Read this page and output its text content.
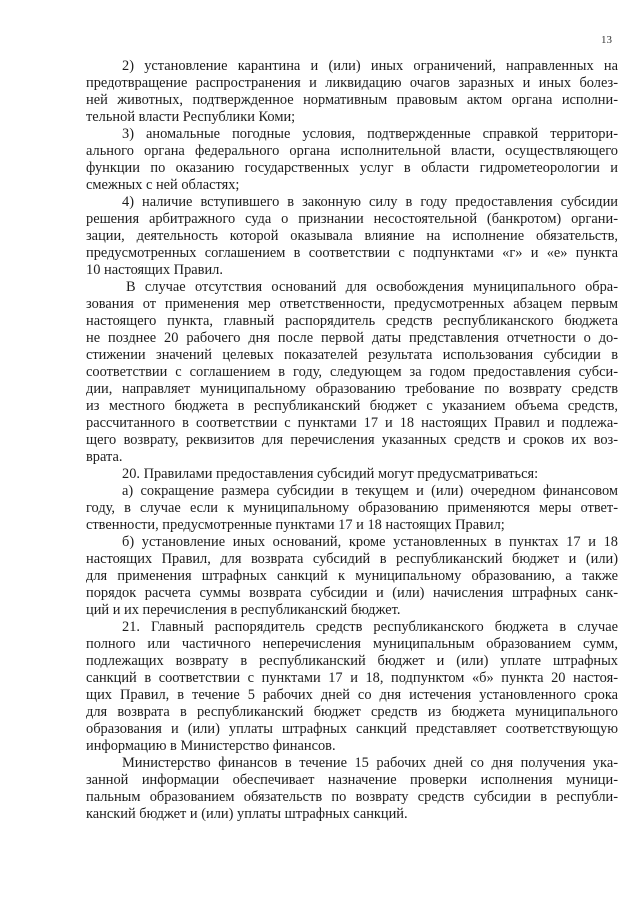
13
2) установление карантина и (или) иных ограничений, направленных на
предотвращение распространения и ликвидацию очагов заразных и иных болез-
ней животных, подтвержденное нормативным правовым актом органа исполни-
тельной власти Республики Коми;
3) аномальные погодные условия, подтвержденные справкой территори-
ального органа федерального органа исполнительной власти, осуществляющего
функции по оказанию государственных услуг в области гидрометеорологии и
смежных с ней областях;
4) наличие вступившего в законную силу в году предоставления субсидии
решения арбитражного суда о признании несостоятельной (банкротом) органи-
зации, деятельность которой оказывала влияние на исполнение обязательств,
предусмотренных соглашением в соответствии с подпунктами «г» и «е» пункта
10 настоящих Правил.
В случае отсутствия оснований для освобождения муниципального обра-
зования от применения мер ответственности, предусмотренных абзацем первым
настоящего пункта, главный распорядитель средств республиканского бюджета
не позднее 20 рабочего дня после первой даты представления отчетности о до-
стижении значений целевых показателей результата использования субсидии в
соответствии с соглашением в году, следующем за годом предоставления субси-
дии, направляет муниципальному образованию требование по возврату средств
из местного бюджета в республиканский бюджет с указанием объема средств,
рассчитанного в соответствии с пунктами 17 и 18 настоящих Правил и подлежа-
щего возврату, реквизитов для перечисления указанных средств и сроков их воз-
врата.
20. Правилами предоставления субсидий могут предусматриваться:
а) сокращение размера субсидии в текущем и (или) очередном финансовом
году, в случае если к муниципальному образованию применяются меры ответ-
ственности, предусмотренные пунктами 17 и 18 настоящих Правил;
б) установление иных оснований, кроме установленных в пунктах 17 и 18
настоящих Правил, для возврата субсидий в республиканский бюджет и (или)
для применения штрафных санкций к муниципальному образованию, а также
порядок расчета суммы возврата субсидии и (или) начисления штрафных санк-
ций и их перечисления в республиканский бюджет.
21. Главный распорядитель средств республиканского бюджета в случае
полного или частичного неперечисления муниципальным образованием сумм,
подлежащих возврату в республиканский бюджет и (или) уплате штрафных
санкций в соответствии с пунктами 17 и 18, подпунктом «б» пункта 20 настоя-
щих Правил, в течение 5 рабочих дней со дня истечения установленного срока
для возврата в республиканский бюджет средств из бюджета муниципального
образования и (или) уплаты штрафных санкций представляет соответствующую
информацию в Министерство финансов.
Министерство финансов в течение 15 рабочих дней со дня получения ука-
занной информации обеспечивает назначение проверки исполнения муници-
пальным образованием обязательств по возврату средств субсидии в республи-
канский бюджет и (или) уплаты штрафных санкций.
